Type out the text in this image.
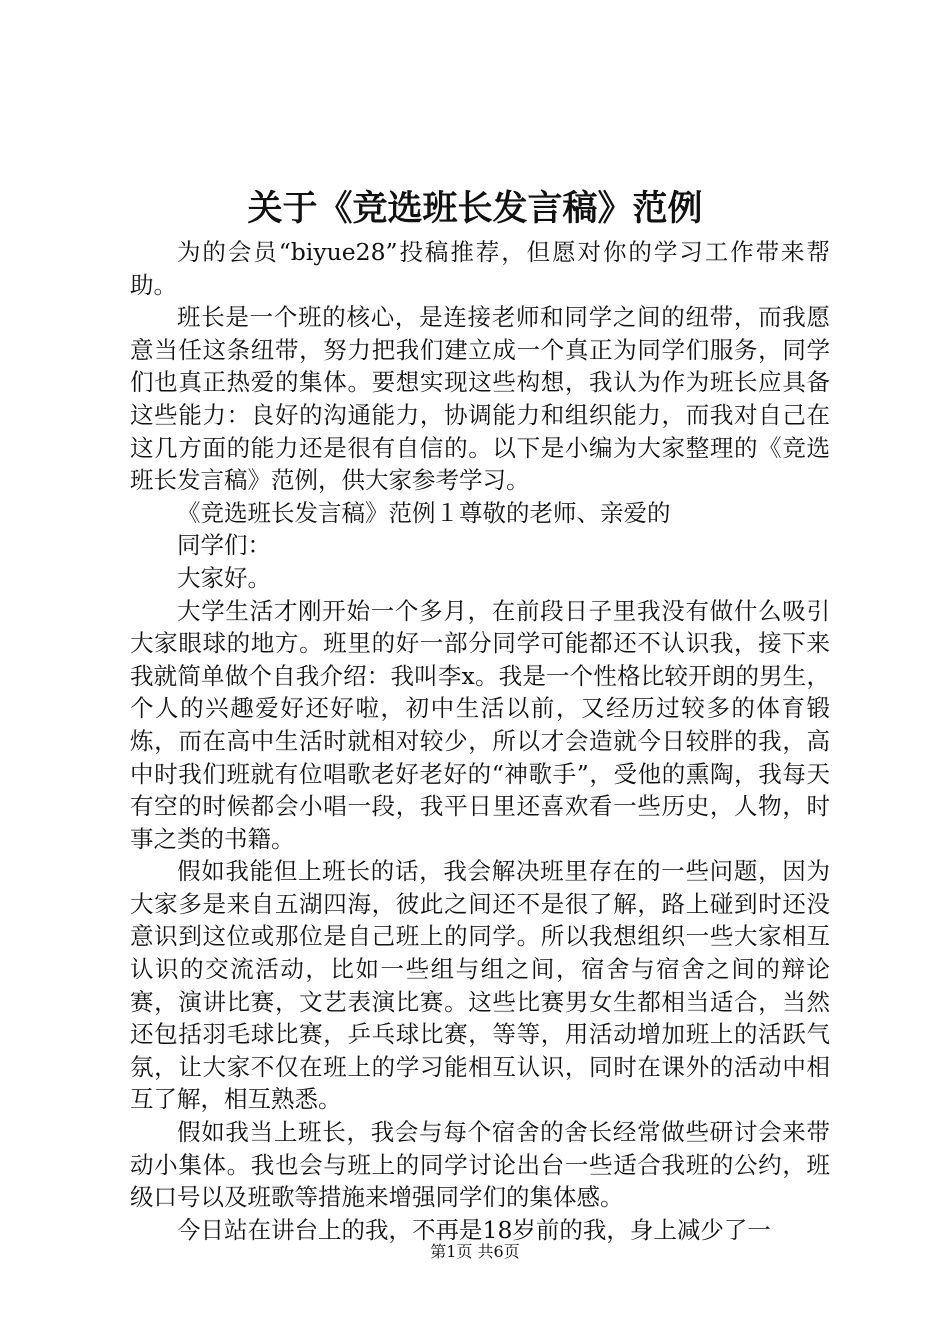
关于《竞选班长发言稿》范例

为的会员“biyue28”投稿推荐，但愿对你的学习工作带来帮助。

班长是一个班的核心，是连接老师和同学之间的纽带，而我愿意当任这条纽带，努力把我们建立成一个真正为同学们服务，同学们也真正热爱的集体。要想实现这些构想，我认为作为班长应具备这些能力：良好的沟通能力，协调能力和组织能力，而我对自己在这几方面的能力还是很有自信的。以下是小编为大家整理的《竞选班长发言稿》范例，供大家参考学习。

《竞选班长发言稿》范例１尊敬的老师、亲爱的

同学们：

大家好。

大学生活才刚开始一个多月，在前段日子里我没有做什么吸引大家眼球的地方。班里的好一部分同学可能都还不认识我，接下来我就简单做个自我介绍：我叫李x。我是一个性格比较开朗的男生，个人的兴趣爱好还好啦，初中生活以前，又经历过较多的体育锻炼，而在高中生活时就相对较少，所以才会造就今日较胖的我，高中时我们班就有位唱歌老好老好的“神歌手”，受他的熏陶，我每天有空的时候都会小唱一段，我平日里还喜欢看一些历史，人物，时事之类的书籍。

假如我能但上班长的话，我会解决班里存在的一些问题，因为大家多是来自五湖四海，彼此之间还不是很了解，路上碰到时还没意识到这位或那位是自己班上的同学。所以我想组织一些大家相互认识的交流活动，比如一些组与组之间，宿舍与宿舍之间的辩论赛，演讲比赛，文艺表演比赛。这些比赛男女生都相当适合，当然还包括羽毛球比赛，乒乓球比赛，等等，用活动增加班上的活跃气氛，让大家不仅在班上的学习能相互认识，同时在课外的活动中相互了解，相互熟悉。

假如我当上班长，我会与每个宿舍的舍长经常做些研讨会来带动小集体。我也会与班上的同学讨论出台一些适合我班的公约，班级口号以及班歌等措施来增强同学们的集体感。

今日站在讲台上的我，不再是18岁前的我，身上减少了一

第1页 共6页
